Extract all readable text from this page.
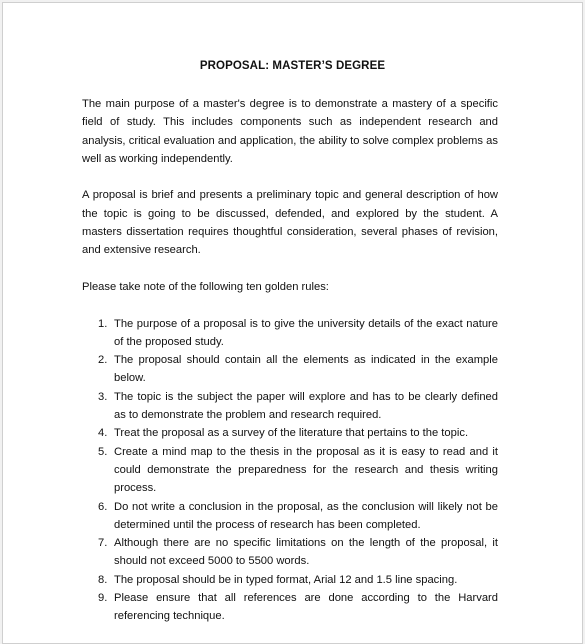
PROPOSAL: MASTER’S DEGREE

The main purpose of a master's degree is to demonstrate a mastery of a specific field of study. This includes components such as independent research and analysis, critical evaluation and application, the ability to solve complex problems as well as working independently.

A proposal is brief and presents a preliminary topic and general description of how the topic is going to be discussed, defended, and explored by the student. A masters dissertation requires thoughtful consideration, several phases of revision, and extensive research.

Please take note of the following ten golden rules:

1. The purpose of a proposal is to give the university details of the exact nature of the proposed study.
2. The proposal should contain all the elements as indicated in the example below.
3. The topic is the subject the paper will explore and has to be clearly defined as to demonstrate the problem and research required.
4. Treat the proposal as a survey of the literature that pertains to the topic.
5. Create a mind map to the thesis in the proposal as it is easy to read and it could demonstrate the preparedness for the research and thesis writing process.
6. Do not write a conclusion in the proposal, as the conclusion will likely not be determined until the process of research has been completed.
7. Although there are no specific limitations on the length of the proposal, it should not exceed 5000 to 5500 words.
8. The proposal should be in typed format, Arial 12 and 1.5 line spacing.
9. Please ensure that all references are done according to the Harvard referencing technique.
